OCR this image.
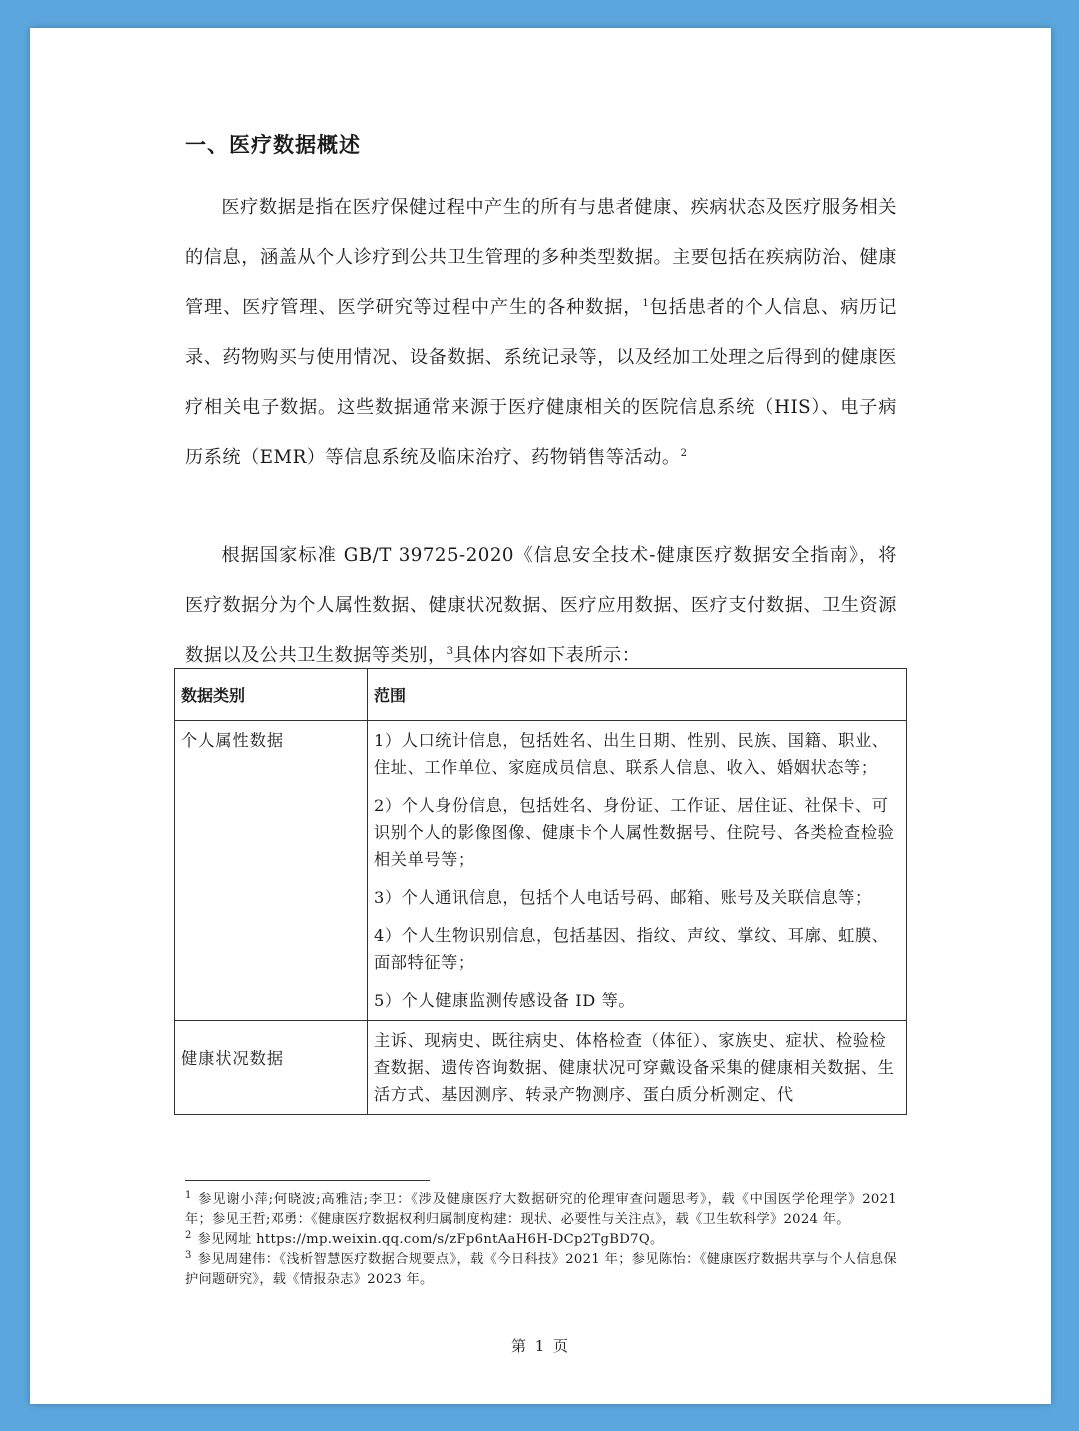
一、医疗数据概述
医疗数据是指在医疗保健过程中产生的所有与患者健康、疾病状态及医疗服务相关的信息，涵盖从个人诊疗到公共卫生管理的多种类型数据。主要包括在疾病防治、健康管理、医疗管理、医学研究等过程中产生的各种数据，$^1$包括患者的个人信息、病历记录、药物购买与使用情况、设备数据、系统记录等，以及经加工处理之后得到的健康医疗相关电子数据。这些数据通常来源于医疗健康相关的医院信息系统（HIS）、电子病历系统（EMR）等信息系统及临床治疗、药物销售等活动。$^2$
根据国家标准 GB/T 39725-2020《信息安全技术-健康医疗数据安全指南》，将医疗数据分为个人属性数据、健康状况数据、医疗应用数据、医疗支付数据、卫生资源数据以及公共卫生数据等类别，$^3$具体内容如下表所示：
数据类别	范围
个人属性数据	1）人口统计信息，包括姓名、出生日期、性别、民族、国籍、职业、住址、工作单位、家庭成员信息、联系人信息、收入、婚姻状态等；

2）个人身份信息，包括姓名、身份证、工作证、居住证、社保卡、可识别个人的影像图像、健康卡个人属性数据号、住院号、各类检查检验相关单号等；

3）个人通讯信息，包括个人电话号码、邮箱、账号及关联信息等；

4）个人生物识别信息，包括基因、指纹、声纹、掌纹、耳廓、虹膜、面部特征等；

5）个人健康监测传感设备 ID 等。

健康状况数据	主诉、现病史、既往病史、体格检查（体征）、家族史、症状、检验检查数据、遗传咨询数据、健康状况可穿戴设备采集的健康相关数据、生活方式、基因测序、转录产物测序、蛋白质分析测定、代

$^1$ 参见谢小萍;何晓波;高雅洁;李卫：《涉及健康医疗大数据研究的伦理审查问题思考》，载《中国医学伦理学》2021 年；参见王哲;邓勇：《健康医疗数据权利归属制度构建：现状、必要性与关注点》，载《卫生软科学》2024 年。

$^2$ 参见网址 https://mp.weixin.qq.com/s/zFp6ntAaH6H-DCp2TgBD7Q。

$^3$ 参见周建伟：《浅析智慧医疗数据合规要点》，载《今日科技》2021 年；参见陈怡：《健康医疗数据共享与个人信息保护问题研究》，载《情报杂志》2023 年。

第 1 页
